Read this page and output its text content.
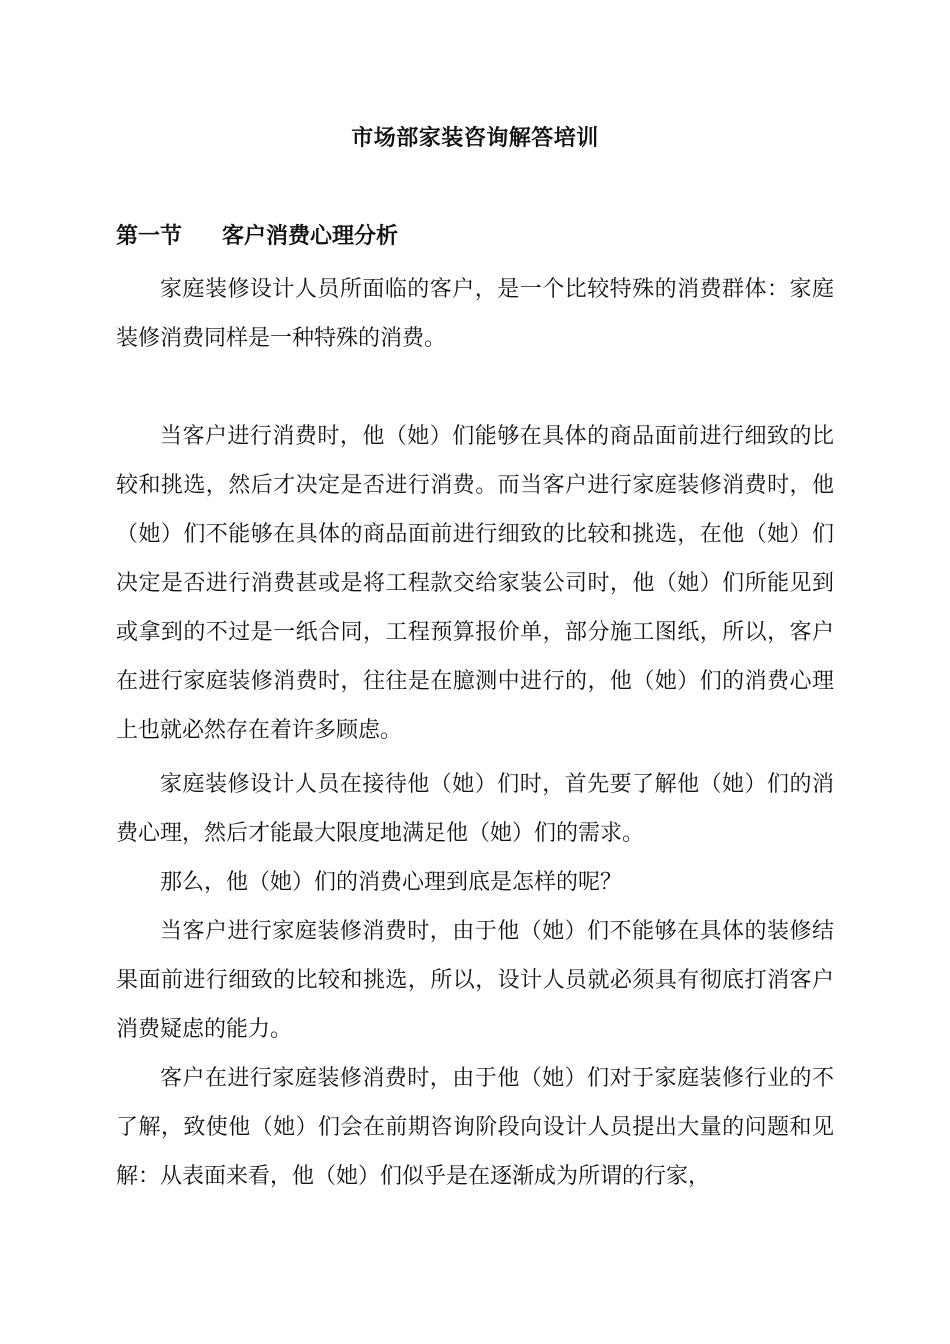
市场部家装咨询解答培训
第一节 客户消费心理分析

家庭装修设计人员所面临的客户，是一个比较特殊的消费群体：家庭装修消费同样是一种特殊的消费。

当客户进行消费时，他（她）们能够在具体的商品面前进行细致的比较和挑选，然后才决定是否进行消费。而当客户进行家庭装修消费时，他（她）们不能够在具体的商品面前进行细致的比较和挑选，在他（她）们决定是否进行消费甚或是将工程款交给家装公司时，他（她）们所能见到或拿到的不过是一纸合同，工程预算报价单，部分施工图纸，所以，客户在进行家庭装修消费时，往往是在臆测中进行的，他（她）们的消费心理上也就必然存在着许多顾虑。

家庭装修设计人员在接待他（她）们时，首先要了解他（她）们的消费心理，然后才能最大限度地满足他（她）们的需求。

那么，他（她）们的消费心理到底是怎样的呢？

当客户进行家庭装修消费时，由于他（她）们不能够在具体的装修结果面前进行细致的比较和挑选，所以，设计人员就必须具有彻底打消客户消费疑虑的能力。

客户在进行家庭装修消费时，由于他（她）们对于家庭装修行业的不了解，致使他（她）们会在前期咨询阶段向设计人员提出大量的问题和见解：从表面来看，他（她）们似乎是在逐渐成为所谓的行家，
